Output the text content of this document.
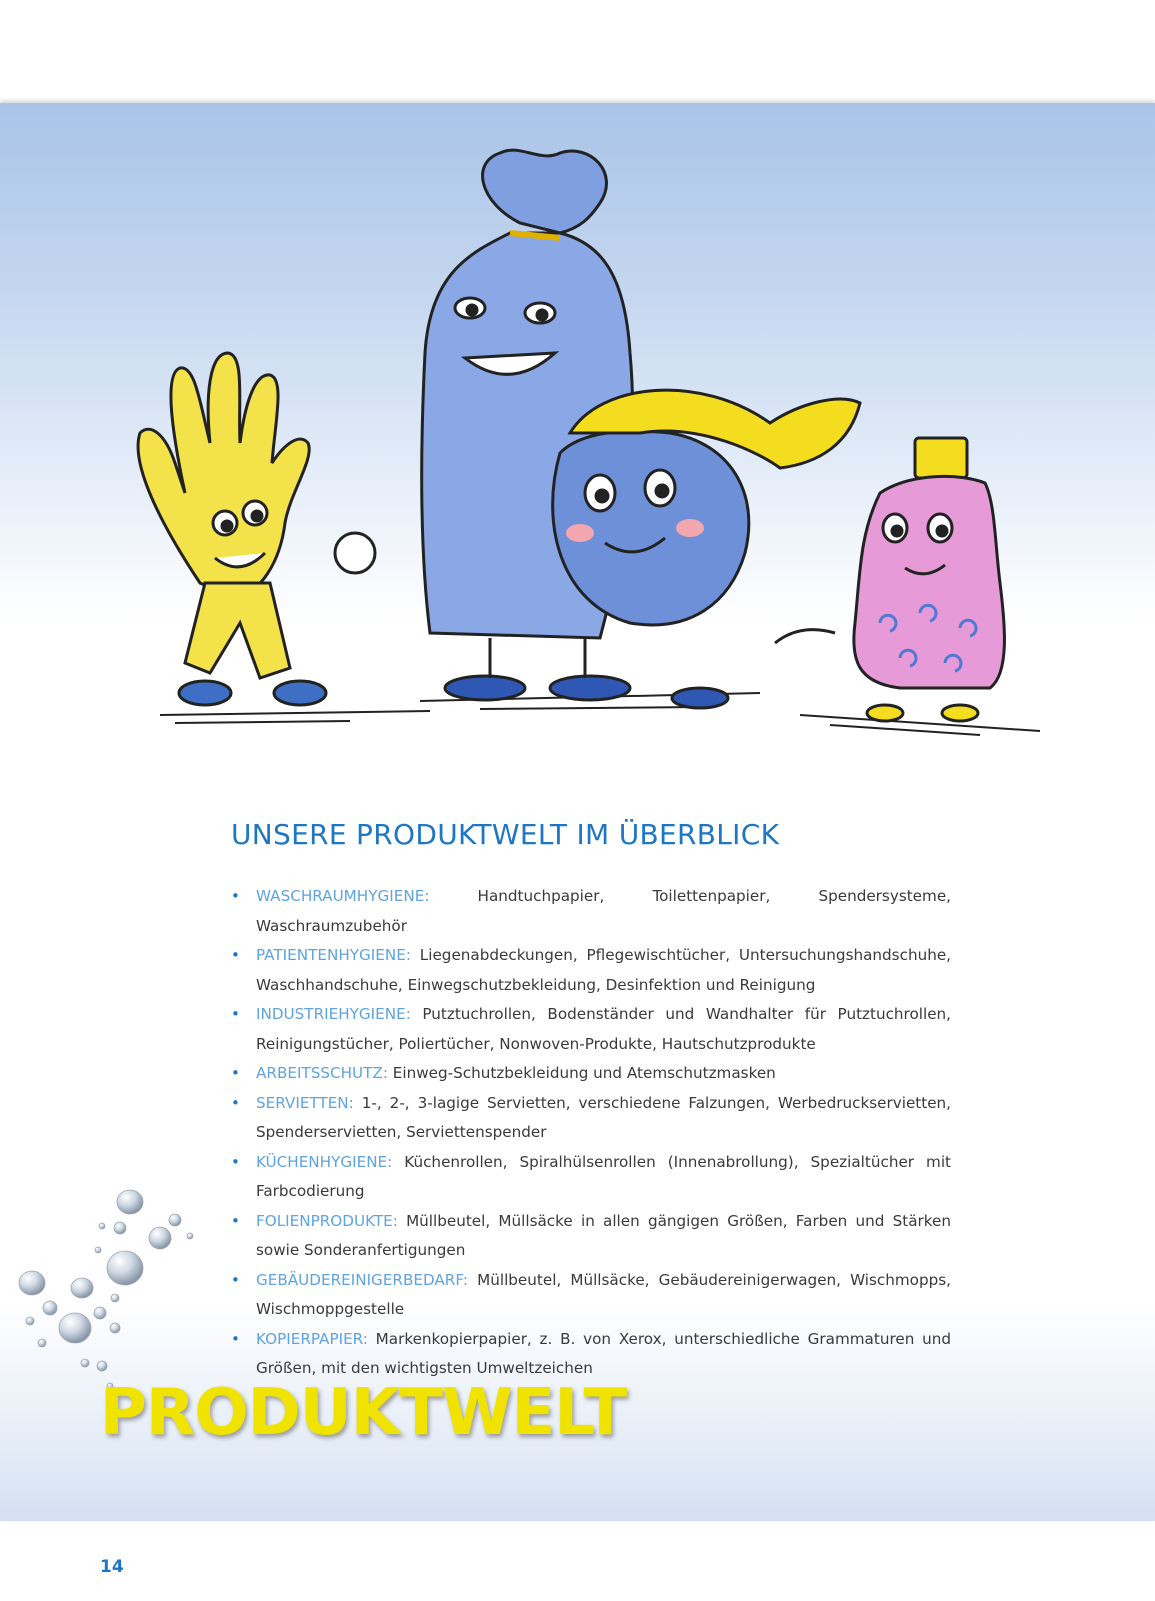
UNSERE PRODUKTWELT IM ÜBERBLICK
• WASCHRAUMHYGIENE: Handtuchpapier, Toilettenpapier, Spendersysteme, Waschraumzubehör
• PATIENTENHYGIENE: Liegenabdeckungen, Pflegewischtücher, Untersuchungshandschuhe, Waschhandschuhe, Einwegschutzbekleidung, Desinfektion und Reinigung
• INDUSTRIEHYGIENE: Putztuchrollen, Bodenständer und Wandhalter für Putztuchrollen, Reinigungstücher, Poliertücher, Nonwoven-Produkte, Hautschutzprodukte
• ARBEITSSCHUTZ: Einweg-Schutzbekleidung und Atemschutzmasken
• SERVIETTEN: 1-, 2-, 3-lagige Servietten, verschiedene Falzungen, Werbedruckservietten, Spenderservietten, Serviettenspender
• KÜCHENHYGIENE: Küchenrollen, Spiralhülsenrollen (Innenabrollung), Spezialtücher mit Farbcodierung
• FOLIENPRODUKTE: Müllbeutel, Müllsäcke in allen gängigen Größen, Farben und Stärken sowie Sonderanfertigungen
• GEBÄUDEREINIGERBEDARF: Müllbeutel, Müllsäcke, Gebäudereinigerwagen, Wischmopps, Wischmoppgestelle
• KOPIERPAPIER: Markenkopierpapier, z. B. von Xerox, unterschiedliche Grammaturen und Größen, mit den wichtigsten Umweltzeichen
PRODUKTWELT
14
